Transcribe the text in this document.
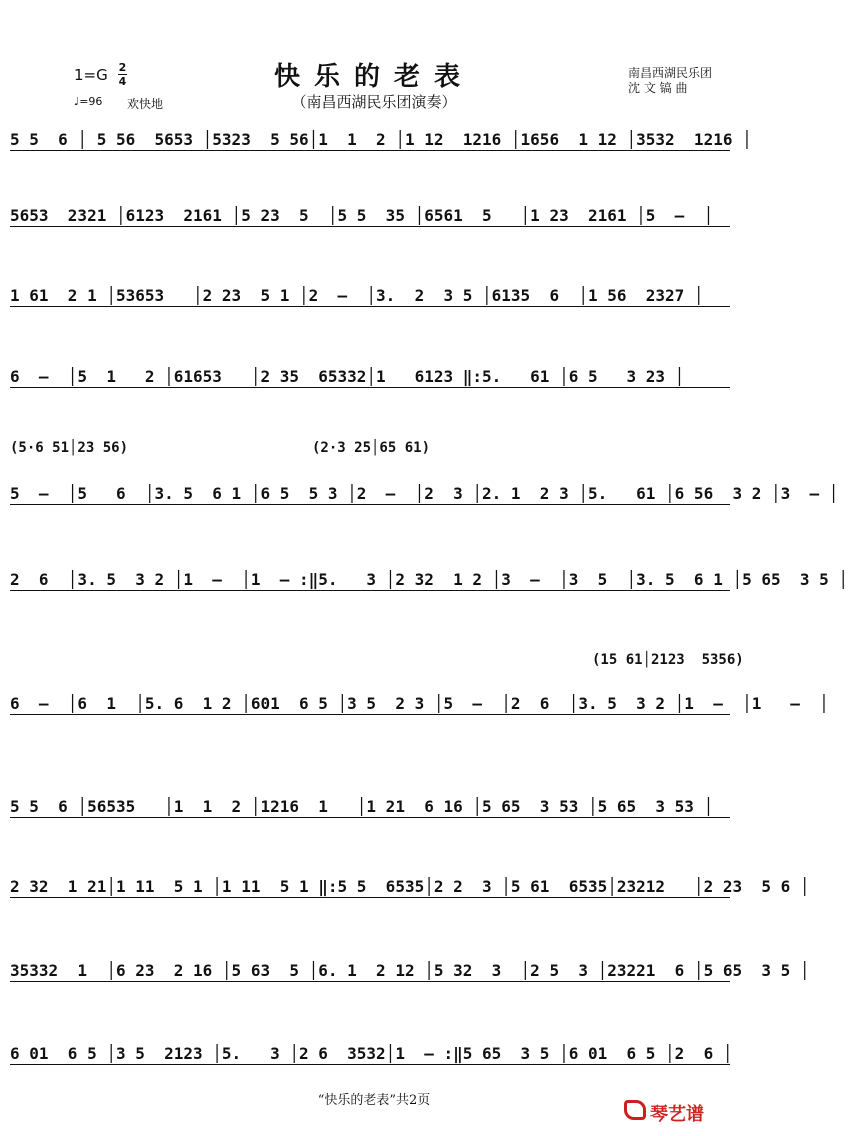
1=G 2
4
♩=96 欢快地
快乐的老表
（南昌西湖民乐团演奏）
南昌西湖民乐团
沈 文 镐 曲
5 5  6 │ 5 56  5653 │5323  5 56│1  1  2 │1 12  1216 │1656  1 12 │3532  1216 │
5653  2321 │6123  2161 │5 23  5  │5 5  35 │6561  5   │1 23  2161 │5  –  │
1 61  2 1 │53653   │2 23  5 1 │2  –  │3.  2  3 5 │6135  6  │1 56  2327 │
6  –  │5  1   2 │61653   │2 35  65332│1   6123 ‖:5.   61 │6 5   3 23 │
(5·6 51│23 56)	(2·3 25│65 61)
5  –  │5   6  │3. 5  6 1 │6 5  5 3 │2  –  │2  3 │2. 1  2 3 │5.   61 │6 56  3 2 │3  – │
2  6  │3. 5  3 2 │1  –  │1  – :‖5.   3 │2 32  1 2 │3  –  │3  5  │3. 5  6 1 │5 65  3 5 │
(15 61│2123  5356)
6  –  │6  1  │5. 6  1 2 │601  6 5 │3 5  2 3 │5  –  │2  6  │3. 5  3 2 │1  –  │1   –  │
5 5  6 │56535   │1  1  2 │1216  1   │1 21  6 16 │5 65  3 53 │5 65  3 53 │
2 32  1 21│1 11  5 1 │1 11  5 1 ‖:5 5  6535│2 2  3 │5 61  6535│23212   │2 23  5 6 │
35332  1  │6 23  2 16 │5 63  5 │6. 1  2 12 │5 32  3  │2 5  3 │23221  6 │5 65  3 5 │
6 01  6 5 │3 5  2123 │5.   3 │2 6  3532│1  – :‖5 65  3 5 │6 01  6 5 │2  6 │
“快乐的老表”共2页
琴艺谱
